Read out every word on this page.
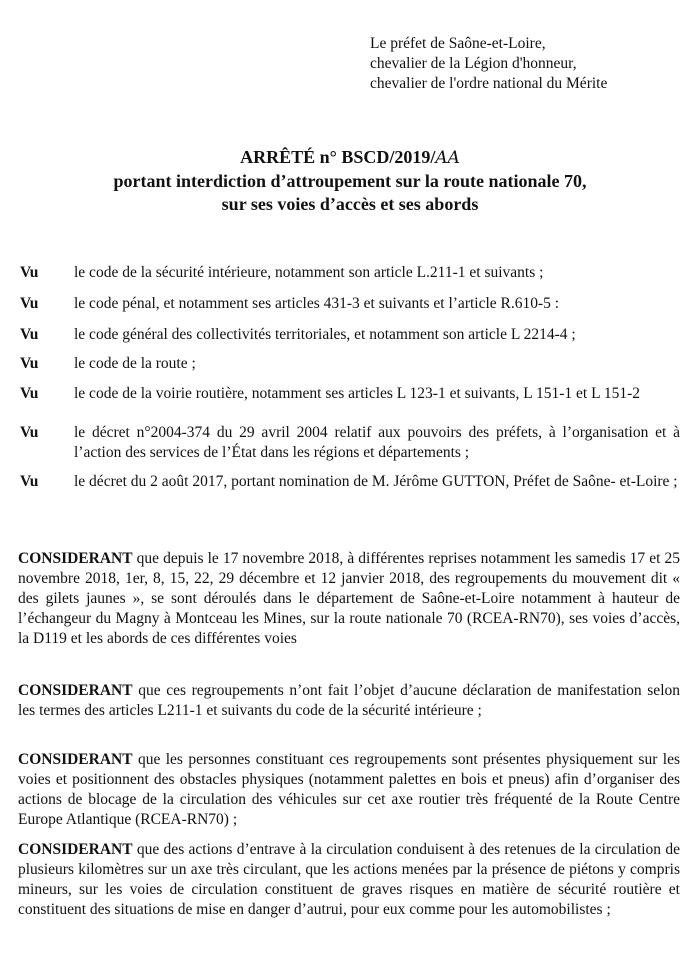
Le préfet de Saône-et-Loire,
chevalier de la Légion d'honneur,
chevalier de l'ordre national du Mérite
ARRÊTÉ n° BSCD/2019/AA
portant interdiction d’attroupement sur la route nationale 70,
sur ses voies d’accès et ses abords
Vu le code de la sécurité intérieure, notamment son article L.211-1 et suivants ;
Vu le code pénal, et notamment ses articles 431-3 et suivants et l’article R.610-5 :
Vu le code général des collectivités territoriales, et notamment son article L 2214-4 ;
Vu le code de la route ;
Vu le code de la voirie routière, notamment ses articles L 123-1 et suivants, L 151-1 et L 151-2
Vu le décret n°2004-374 du 29 avril 2004 relatif aux pouvoirs des préfets, à l’organisation et à l’action des services de l’État dans les régions et départements ;
Vu le décret du 2 août 2017, portant nomination de M. Jérôme GUTTON, Préfet de Saône- et-Loire ;
CONSIDERANT que depuis le 17 novembre 2018, à différentes reprises notamment les samedis 17 et 25 novembre 2018, 1er, 8, 15, 22, 29 décembre et 12 janvier 2018, des regroupements du mouvement dit « des gilets jaunes », se sont déroulés dans le département de Saône-et-Loire notamment à hauteur de l’échangeur du Magny à Montceau les Mines, sur la route nationale 70 (RCEA-RN70), ses voies d’accès, la D119 et les abords de ces différentes voies
CONSIDERANT que ces regroupements n’ont fait l’objet d’aucune déclaration de manifestation selon les termes des articles L211-1 et suivants du code de la sécurité intérieure ;
CONSIDERANT que les personnes constituant ces regroupements sont présentes physiquement sur les voies et positionnent des obstacles physiques (notamment palettes en bois et pneus) afin d’organiser des actions de blocage de la circulation des véhicules sur cet axe routier très fréquenté de la Route Centre Europe Atlantique (RCEA-RN70) ;
CONSIDERANT que des actions d’entrave à la circulation conduisent à des retenues de la circulation de plusieurs kilomètres sur un axe très circulant, que les actions menées par la présence de piétons y compris mineurs, sur les voies de circulation constituent de graves risques en matière de sécurité routière et constituent des situations de mise en danger d’autrui, pour eux comme pour les automobilistes ;
